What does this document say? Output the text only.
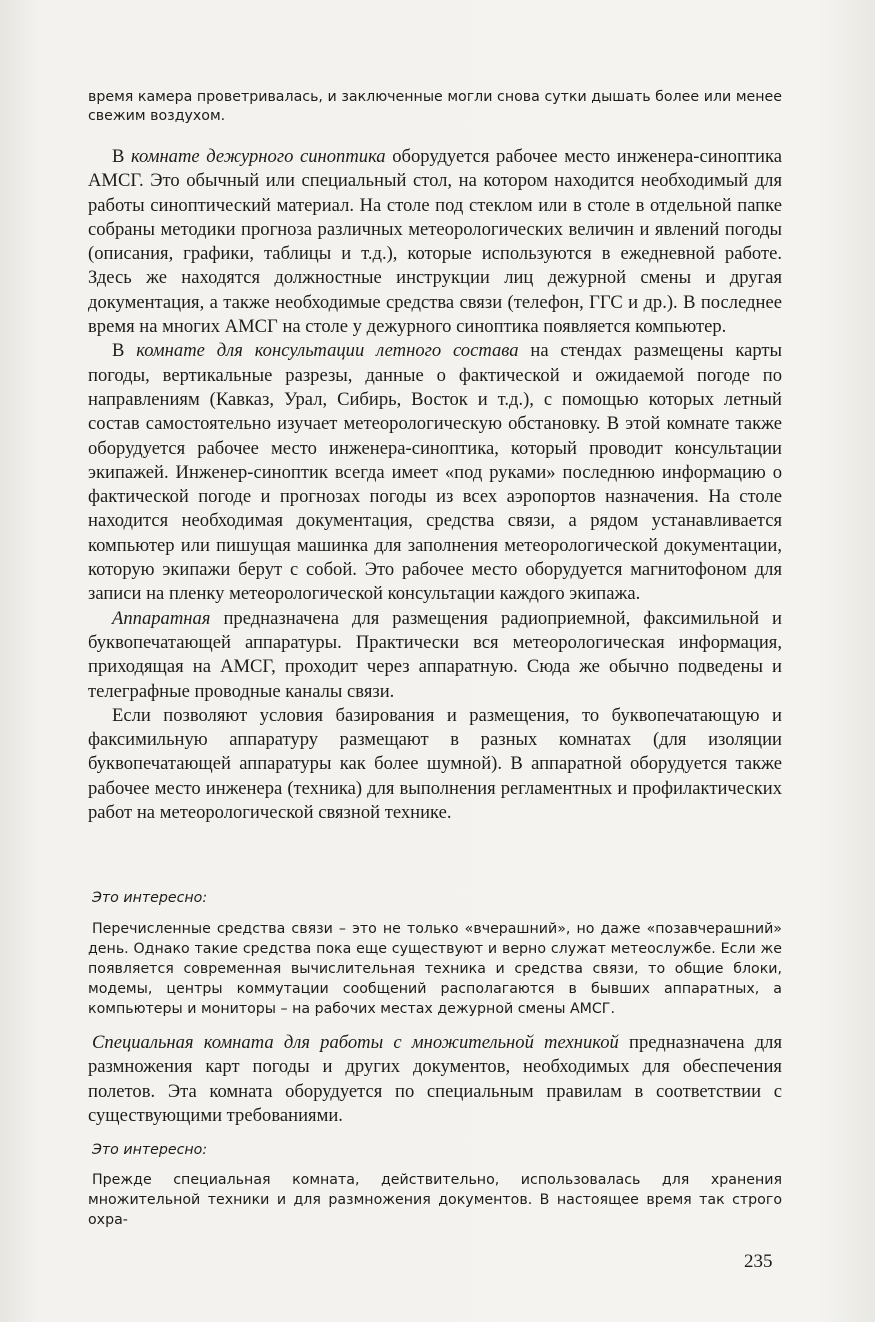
время камера проветривалась, и заключенные могли снова сутки дышать более или менее свежим воздухом.

В комнате дежурного синоптика оборудуется рабочее место инженера-синоптика АМСГ. Это обычный или специальный стол, на котором находится необходимый для работы синоптический материал. На столе под стеклом или в столе в отдельной папке собраны методики прогноза различных метеорологических величин и явлений погоды (описания, графики, таблицы и т.д.), которые используются в ежедневной работе. Здесь же находятся должностные инструкции лиц дежурной смены и другая документация, а также необходимые средства связи (телефон, ГГС и др.). В последнее время на многих АМСГ на столе у дежурного синоптика появляется компьютер.

В комнате для консультации летного состава на стендах размещены карты погоды, вертикальные разрезы, данные о фактической и ожидаемой погоде по направлениям (Кавказ, Урал, Сибирь, Восток и т.д.), с помощью которых летный состав самостоятельно изучает метеорологическую обстановку. В этой комнате также оборудуется рабочее место инженера-синоптика, который проводит консультации экипажей. Инженер-синоптик всегда имеет «под руками» последнюю информацию о фактической погоде и прогнозах погоды из всех аэропортов назначения. На столе находится необходимая документация, средства связи, а рядом устанавливается компьютер или пишущая машинка для заполнения метеорологической документации, которую экипажи берут с собой. Это рабочее место оборудуется магнитофоном для записи на пленку метеорологической консультации каждого экипажа.

Аппаратная предназначена для размещения радиоприемной, факсимильной и буквопечатающей аппаратуры. Практически вся метеорологическая информация, приходящая на АМСГ, проходит через аппаратную. Сюда же обычно подведены и телеграфные проводные каналы связи.

Если позволяют условия базирования и размещения, то буквопечатающую и факсимильную аппаратуру размещают в разных комнатах (для изоляции буквопечатающей аппаратуры как более шумной). В аппаратной оборудуется также рабочее место инженера (техника) для выполнения регламентных и профилактических работ на метеорологической связной технике.

Это интересно:

Перечисленные средства связи – это не только «вчерашний», но даже «позавчерашний» день. Однако такие средства пока еще существуют и верно служат метеослужбе. Если же появляется современная вычислительная техника и средства связи, то общие блоки, модемы, центры коммутации сообщений располагаются в бывших аппаратных, а компьютеры и мониторы – на рабочих местах дежурной смены АМСГ.

Специальная комната для работы с множительной техникой предназначена для размножения карт погоды и других документов, необходимых для обеспечения полетов. Эта комната оборудуется по специальным правилам в соответствии с существующими требованиями.

Это интересно:

Прежде специальная комната, действительно, использовалась для хранения множительной техники и для размножения документов. В настоящее время так строго охра-

235
